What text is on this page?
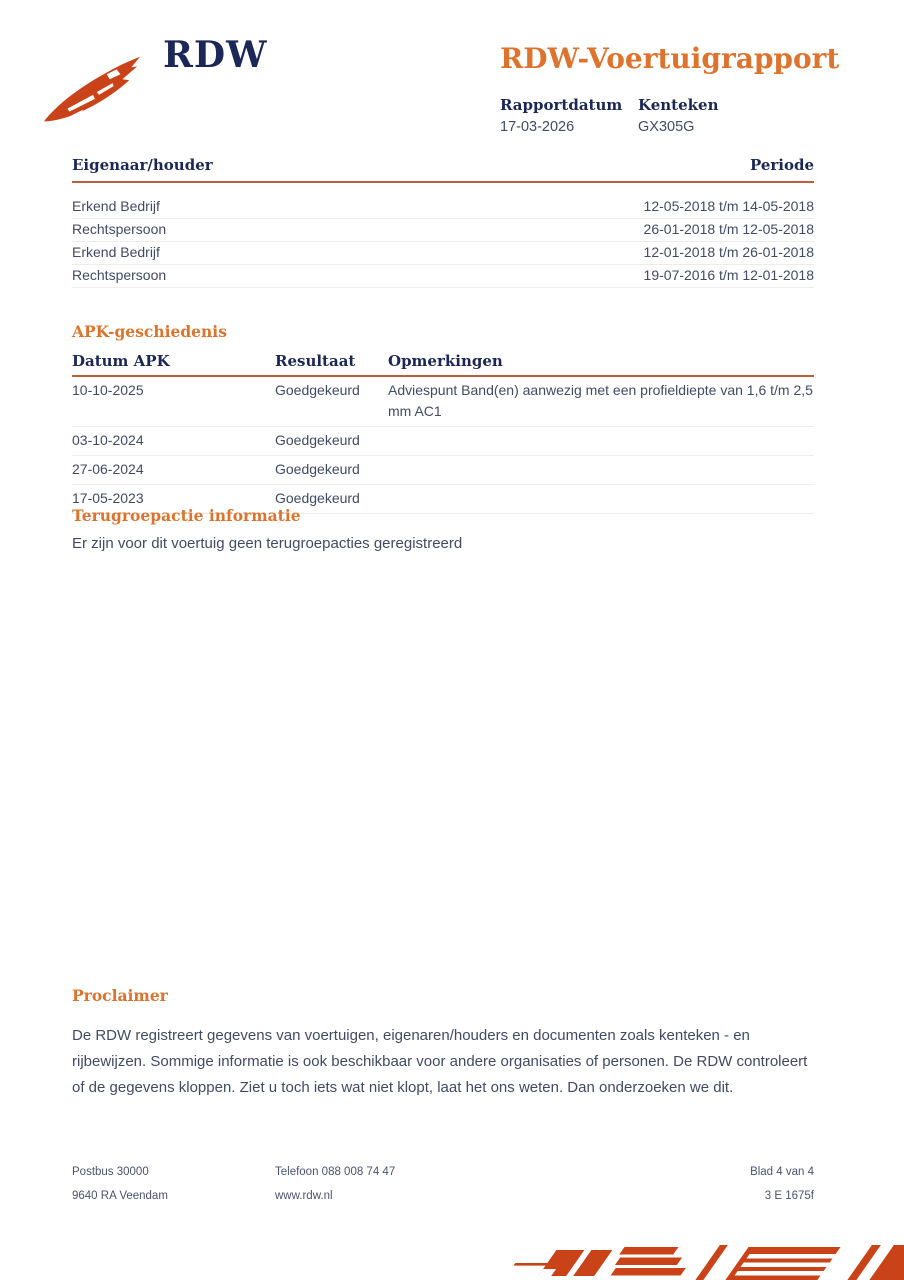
RDW	RDW-Voertuigrapport
Rapportdatum
17-03-2026
Kenteken
GX305G
Eigenaar/houder	Periode
Erkend Bedrijf	12-05-2018 t/m 14-05-2018
Rechtspersoon	26-01-2018 t/m 12-05-2018
Erkend Bedrijf	12-01-2018 t/m 26-01-2018
Rechtspersoon	19-07-2016 t/m 12-01-2018
APK-geschiedenis
Datum APK	Resultaat	Opmerkingen
10-10-2025	Goedgekeurd	Adviespunt Band(en) aanwezig met een profieldiepte van 1,6 t/m 2,5 mm AC1
03-10-2024	Goedgekeurd
27-06-2024	Goedgekeurd
17-05-2023	Goedgekeurd
Terugroepactie informatie

Er zijn voor dit voertuig geen terugroepacties geregistreerd

Proclaimer

De RDW registreert gegevens van voertuigen, eigenaren/houders en documenten zoals kenteken - en rijbewijzen. Sommige informatie is ook beschikbaar voor andere organisaties of personen. De RDW controleert of de gegevens kloppen. Ziet u toch iets wat niet klopt, laat het ons weten. Dan onderzoeken we dit.

Postbus 30000
9640 RA Veendam
Telefoon 088 008 74 47
www.rdw.nl
Blad 4 van 4
3 E 1675f
